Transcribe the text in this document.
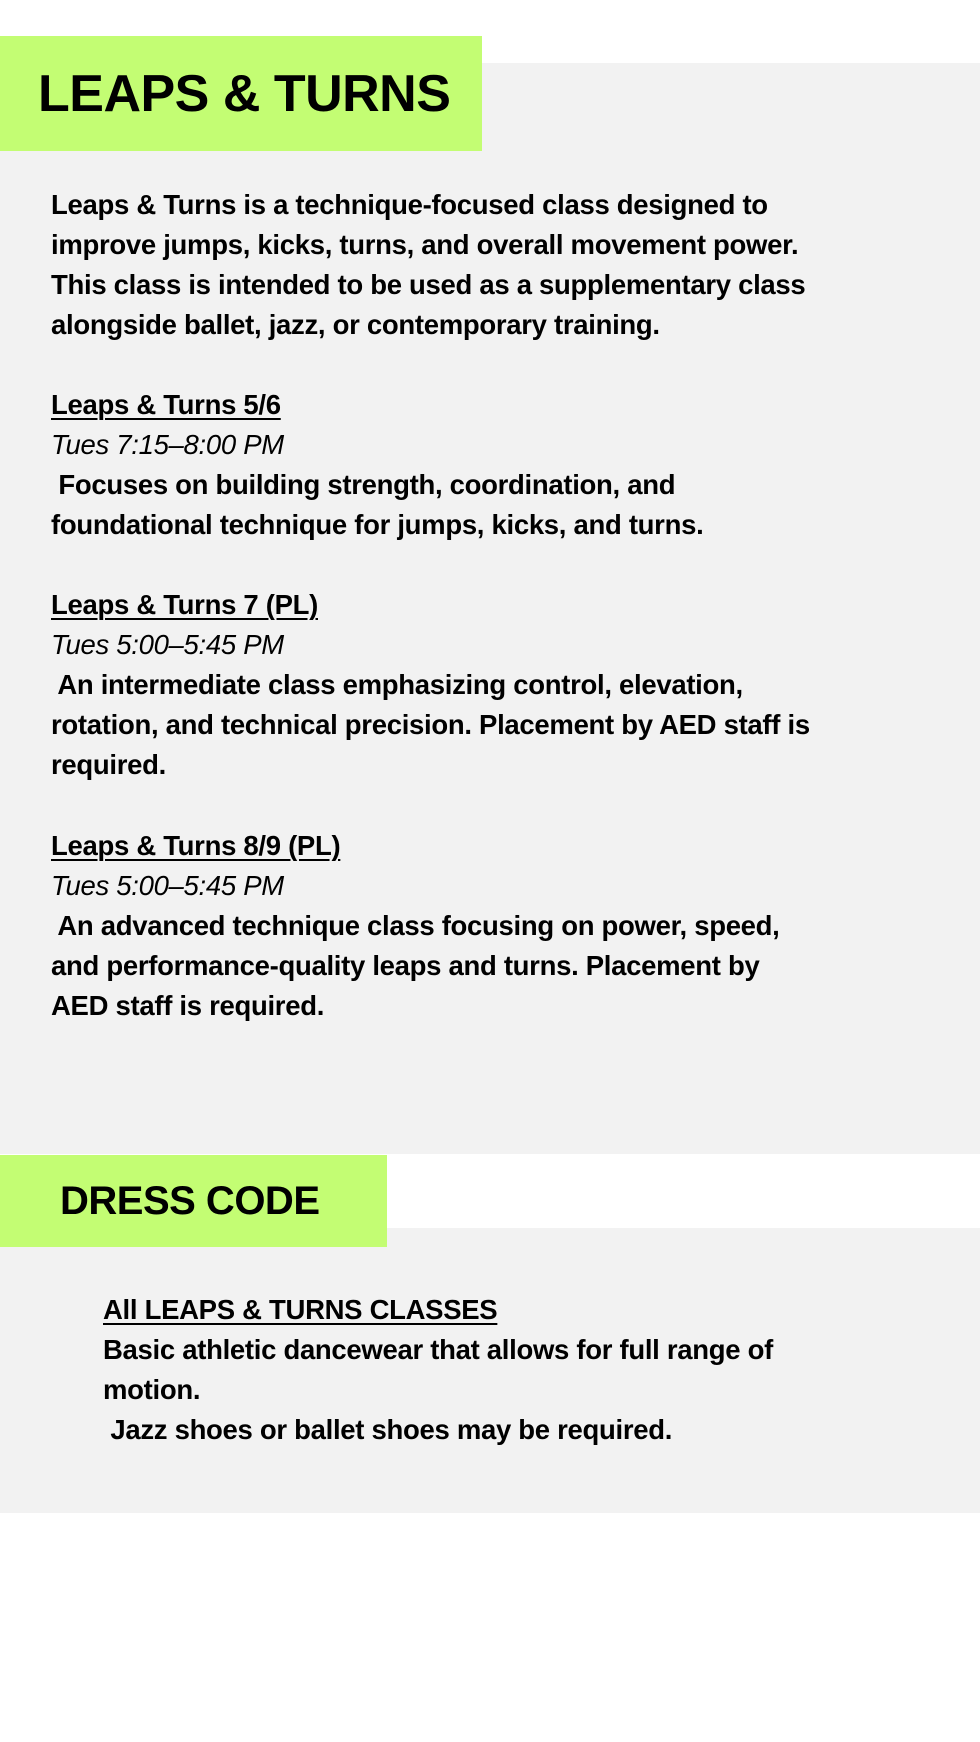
LEAPS & TURNS
Leaps & Turns is a technique-focused class designed to
improve jumps, kicks, turns, and overall movement power.
This class is intended to be used as a supplementary class
alongside ballet, jazz, or contemporary training.
Leaps & Turns 5/6
Tues 7:15–8:00 PM
Focuses on building strength, coordination, and
foundational technique for jumps, kicks, and turns.
Leaps & Turns 7 (PL)
Tues 5:00–5:45 PM
An intermediate class emphasizing control, elevation,
rotation, and technical precision. Placement by AED staff is
required.
Leaps & Turns 8/9 (PL)
Tues 5:00–5:45 PM
An advanced technique class focusing on power, speed,
and performance-quality leaps and turns. Placement by
AED staff is required.
DRESS CODE
All LEAPS & TURNS CLASSES
Basic athletic dancewear that allows for full range of
motion.
Jazz shoes or ballet shoes may be required.
